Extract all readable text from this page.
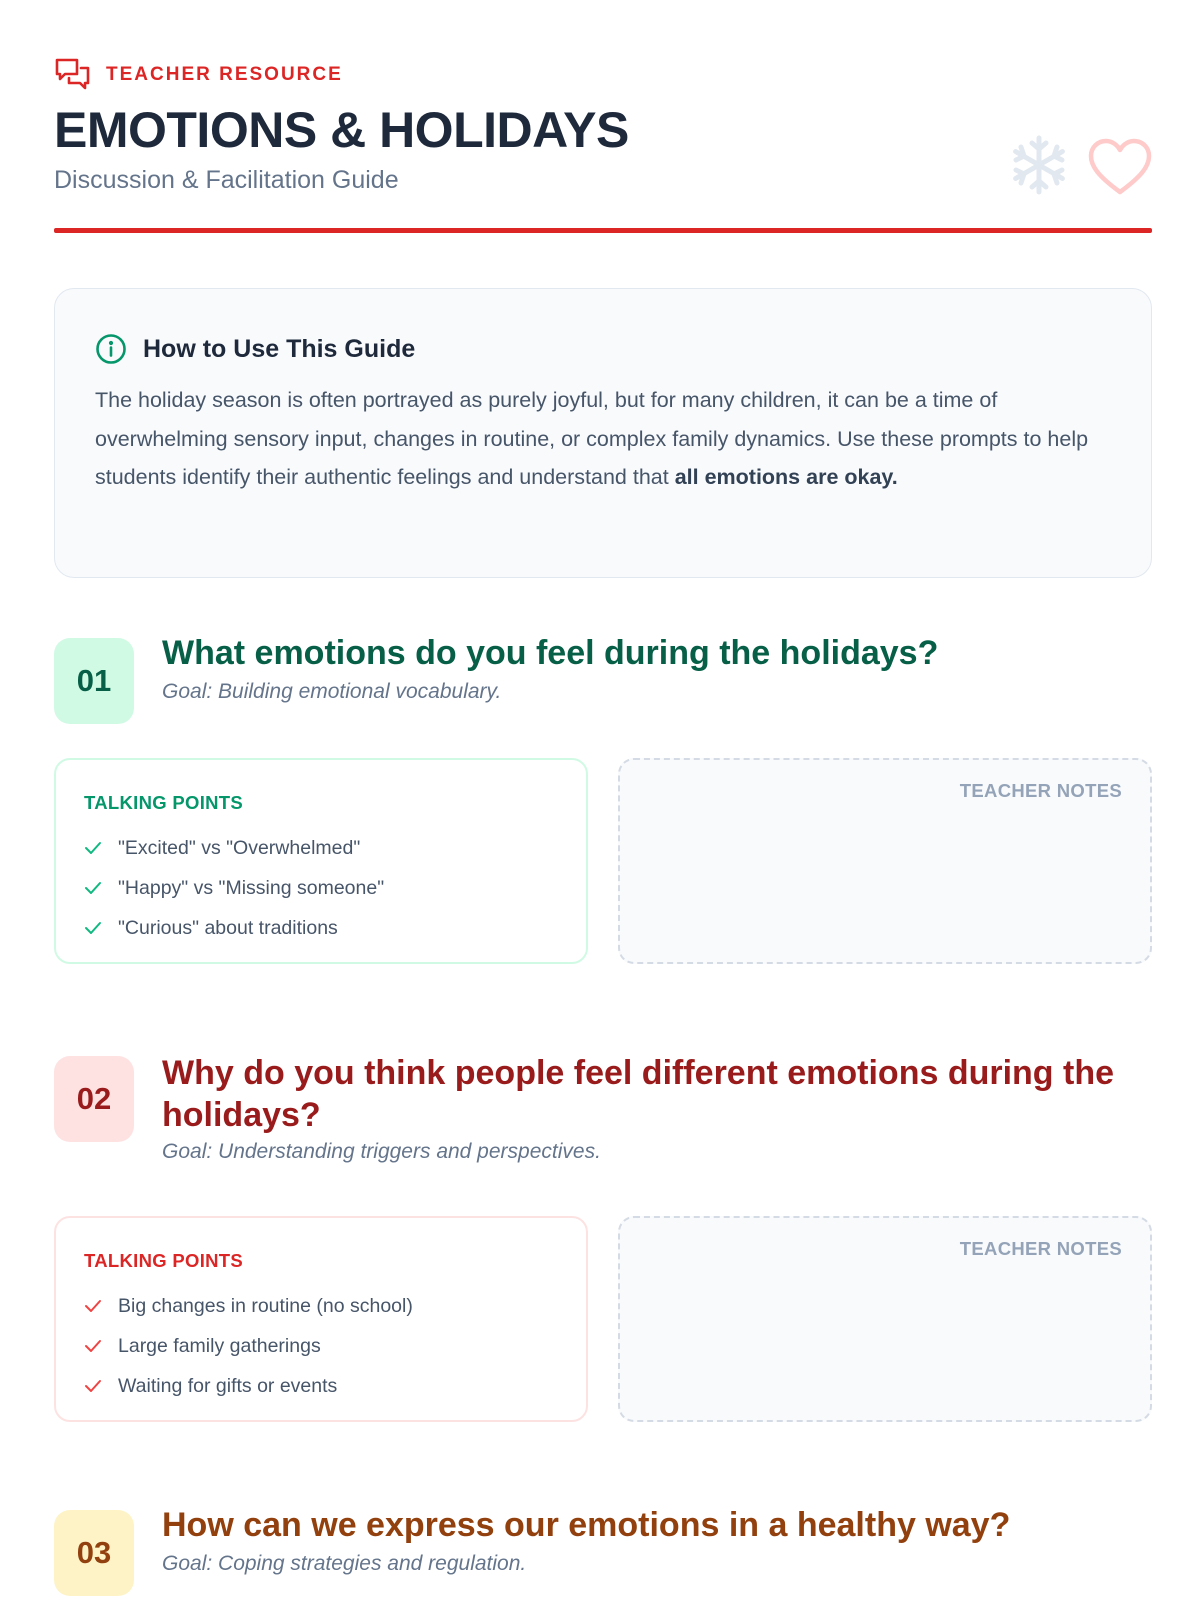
TEACHER RESOURCE
EMOTIONS & HOLIDAYS
Discussion & Facilitation Guide
How to Use This Guide

The holiday season is often portrayed as purely joyful, but for many children, it can be a time of overwhelming sensory input, changes in routine, or complex family dynamics. Use these prompts to help students identify their authentic feelings and understand that all emotions are okay.

01
What emotions do you feel during the holidays?
Goal: Building emotional vocabulary.
TALKING POINTS
"Excited" vs "Overwhelmed"
"Happy" vs "Missing someone"
"Curious" about traditions
TEACHER NOTES
02
Why do you think people feel different emotions during the holidays?
Goal: Understanding triggers and perspectives.
TALKING POINTS
Big changes in routine (no school)
Large family gatherings
Waiting for gifts or events
TEACHER NOTES
03
How can we express our emotions in a healthy way?
Goal: Coping strategies and regulation.
